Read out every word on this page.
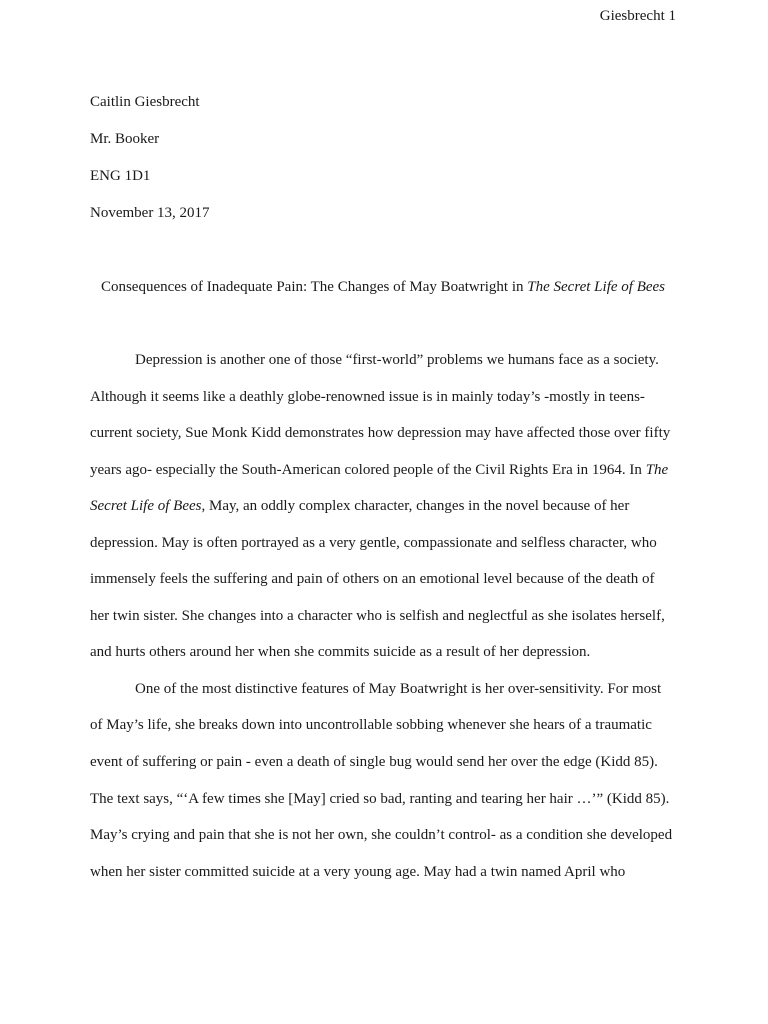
Giesbrecht 1
Caitlin Giesbrecht
Mr. Booker
ENG 1D1
November 13, 2017
Consequences of Inadequate Pain: The Changes of May Boatwright in The Secret Life of Bees
Depression is another one of those “first-world” problems we humans face as a society.
Although it seems like a deathly globe-renowned issue is in mainly today’s -mostly in teens-
current society, Sue Monk Kidd demonstrates how depression may have affected those over fifty
years ago- especially the South-American colored people of the Civil Rights Era in 1964. In The
Secret Life of Bees, May, an oddly complex character, changes in the novel because of her
depression. May is often portrayed as a very gentle, compassionate and selfless character, who
immensely feels the suffering and pain of others on an emotional level because of the death of
her twin sister. She changes into a character who is selfish and neglectful as she isolates herself,
and hurts others around her when she commits suicide as a result of her depression.
One of the most distinctive features of May Boatwright is her over-sensitivity. For most
of May’s life, she breaks down into uncontrollable sobbing whenever she hears of a traumatic
event of suffering or pain - even a death of single bug would send her over the edge (Kidd 85).
The text says, “‘A few times she [May] cried so bad, ranting and tearing her hair …’” (Kidd 85).
May’s crying and pain that she is not her own, she couldn’t control- as a condition she developed
when her sister committed suicide at a very young age. May had a twin named April who
